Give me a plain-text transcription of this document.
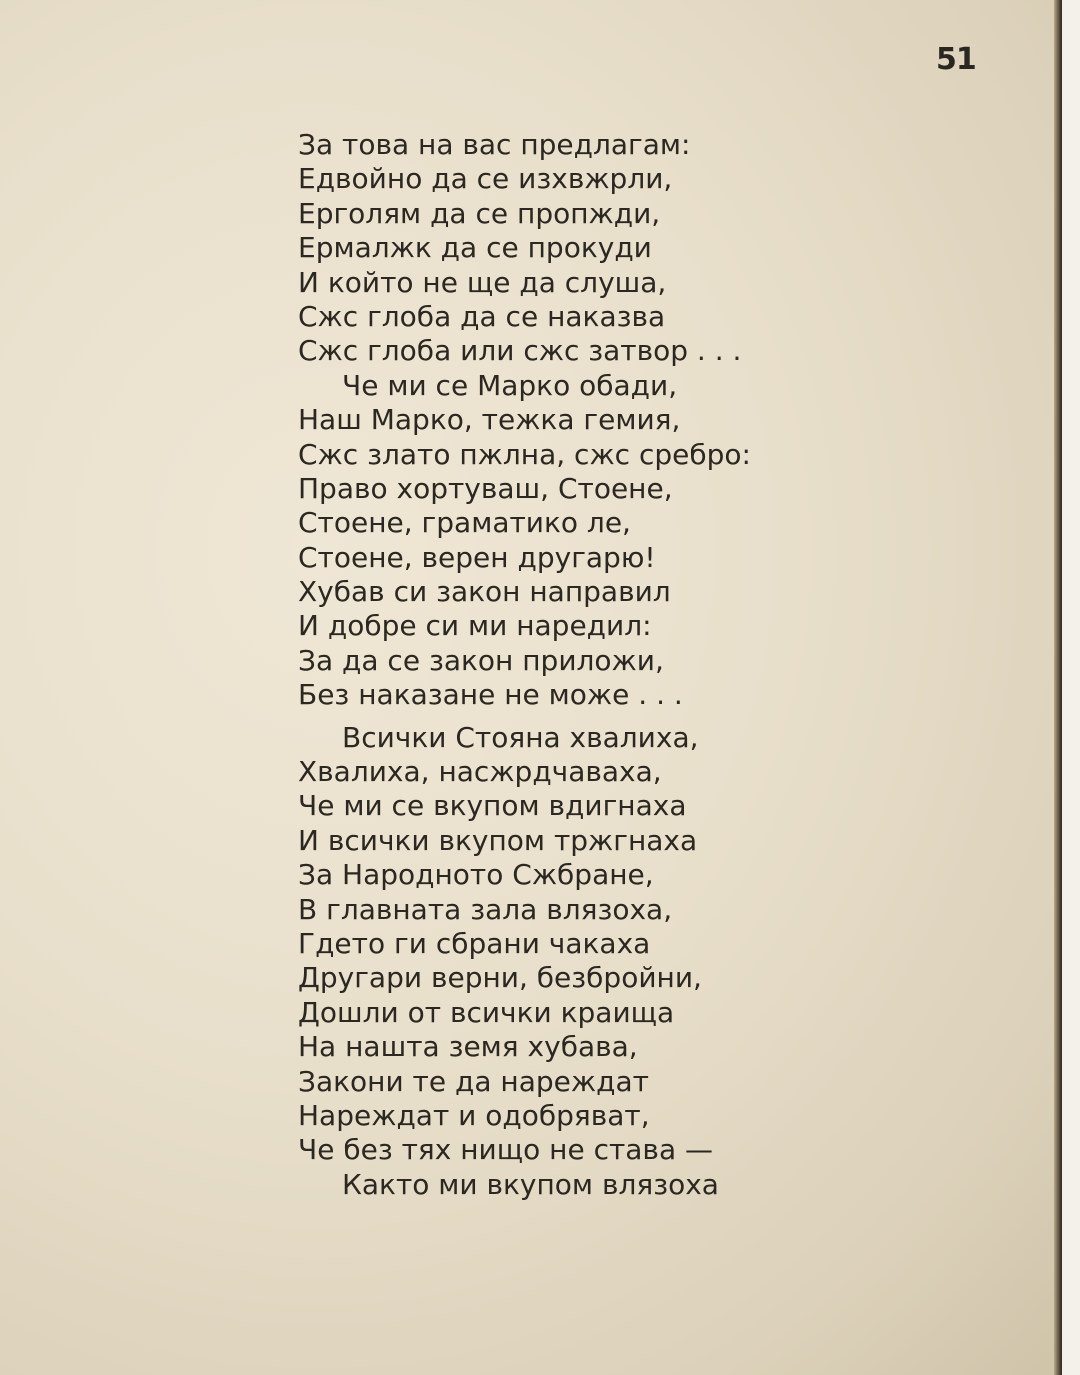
51
За това на вас предлагам:
Едвойно да се изхвжрли,
Ерголям да се пропжди,
Ермалжк да се прокуди
И който не ще да слуша,
Сжс глоба да се наказва
Сжс глоба или сжс затвор . . .
Че ми се Марко обади,
Наш Марко, тежка гемия,
Сжс злато пжлна, сжс сребро:
Право хортуваш, Стоене,
Стоене, граматико ле,
Стоене, верен другарю!
Хубав си закон направил
И добре си ми наредил:
За да се закон приложи,
Без наказане не може . . .
Всички Стояна хвалиха,
Хвалиха, насжрдчаваха,
Че ми се вкупом вдигнаха
И всички вкупом тржгнаха
За Народното Сжбране,
В главната зала влязоха,
Гдето ги сбрани чакаха
Другари верни, безбройни,
Дошли от всички краища
На нашта земя хубава,
Закони те да нареждат
Нареждат и одобряват,
Че без тях нищо не става —
Както ми вкупом влязоха
